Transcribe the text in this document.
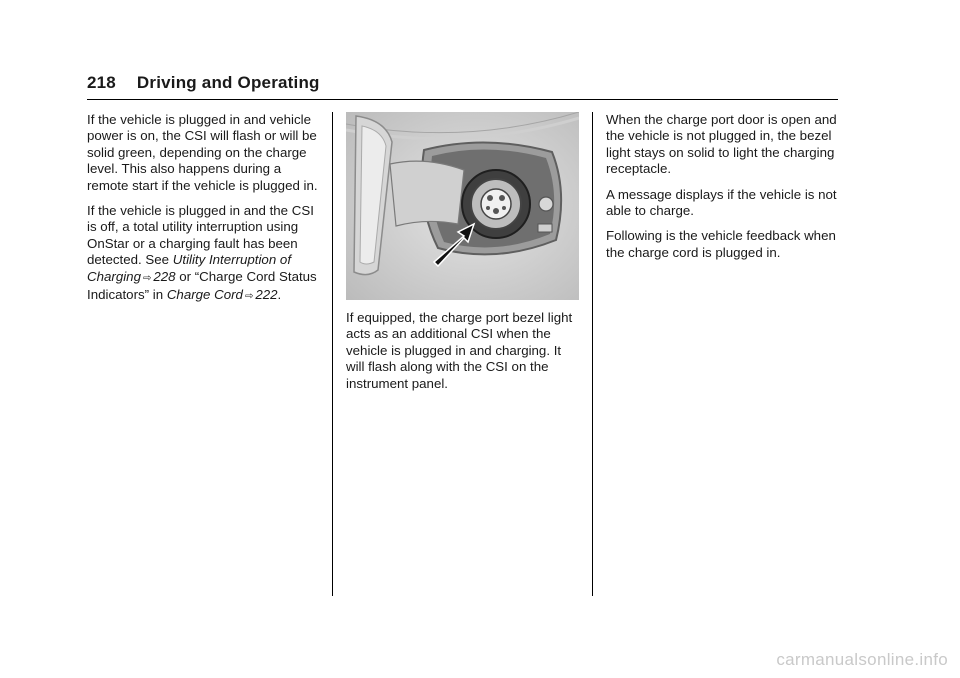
218 Driving and Operating

If the vehicle is plugged in and vehicle power is on, the CSI will flash or will be solid green, depending on the charge level. This also happens during a remote start if the vehicle is plugged in.

If the vehicle is plugged in and the CSI is off, a total utility interruption using OnStar or a charging fault has been detected. See Utility Interruption of Charging ⇨ 228 or “Charge Cord Status Indicators” in Charge Cord ⇨ 222.

If equipped, the charge port bezel light acts as an additional CSI when the vehicle is plugged in and charging. It will flash along with the CSI on the instrument panel.

When the charge port door is open and the vehicle is not plugged in, the bezel light stays on solid to light the charging receptacle.

A message displays if the vehicle is not able to charge.

Following is the vehicle feedback when the charge cord is plugged in.

carmanualsonline.info
